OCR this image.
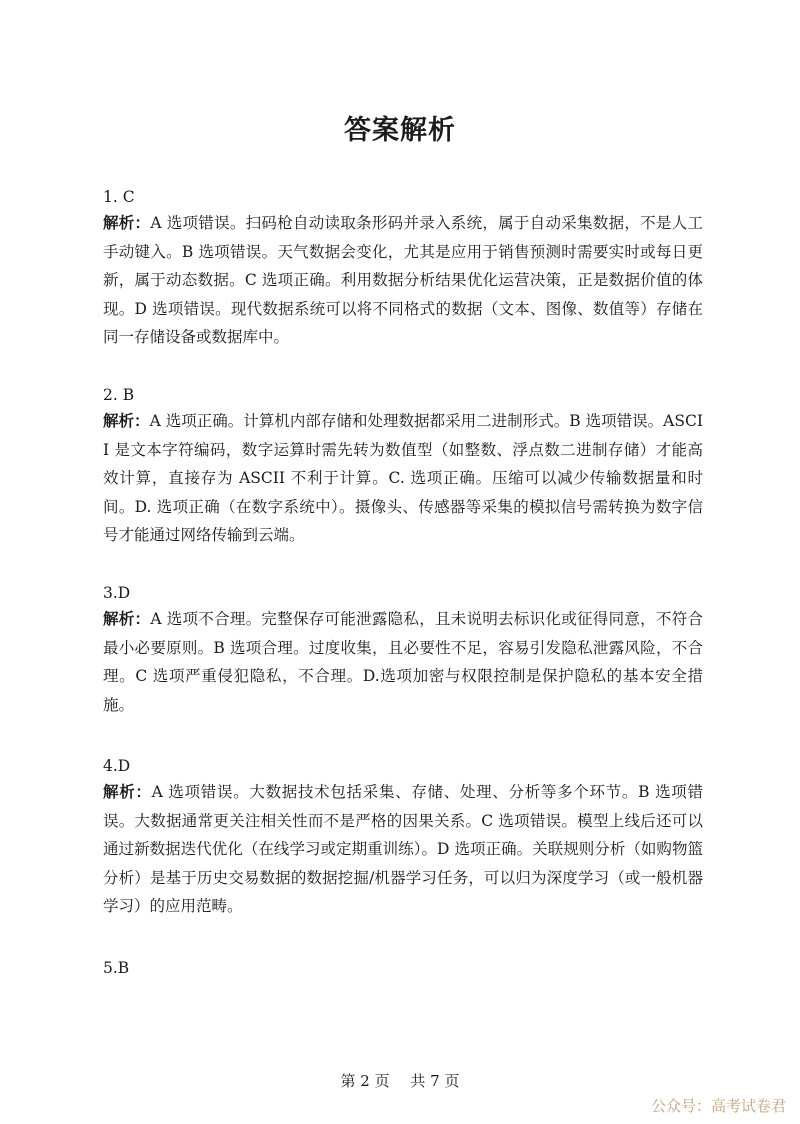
答案解析

1. C

解析：A 选项错误。扫码枪自动读取条形码并录入系统，属于自动采集数据，不是人工手动键入。B 选项错误。天气数据会变化，尤其是应用于销售预测时需要实时或每日更新，属于动态数据。C 选项正确。利用数据分析结果优化运营决策，正是数据价值的体现。D 选项错误。现代数据系统可以将不同格式的数据（文本、图像、数值等）存储在同一存储设备或数据库中。

2. B

解析：A 选项正确。计算机内部存储和处理数据都采用二进制形式。B 选项错误。ASCII 是文本字符编码，数字运算时需先转为数值型（如整数、浮点数二进制存储）才能高效计算，直接存为 ASCII 不利于计算。C. 选项正确。压缩可以减少传输数据量和时间。D. 选项正确（在数字系统中）。摄像头、传感器等采集的模拟信号需转换为数字信号才能通过网络传输到云端。

3.D

解析：A 选项不合理。完整保存可能泄露隐私，且未说明去标识化或征得同意，不符合最小必要原则。B 选项合理。过度收集，且必要性不足，容易引发隐私泄露风险，不合理。C 选项严重侵犯隐私，不合理。D.选项加密与权限控制是保护隐私的基本安全措施。

4.D

解析：A 选项错误。大数据技术包括采集、存储、处理、分析等多个环节。B 选项错误。大数据通常更关注相关性而不是严格的因果关系。C 选项错误。模型上线后还可以通过新数据迭代优化（在线学习或定期重训练）。D 选项正确。关联规则分析（如购物篮分析）是基于历史交易数据的数据挖掘/机器学习任务，可以归为深度学习（或一般机器学习）的应用范畴。

5.B

第 2 页 共 7 页
公众号：高考试卷君
